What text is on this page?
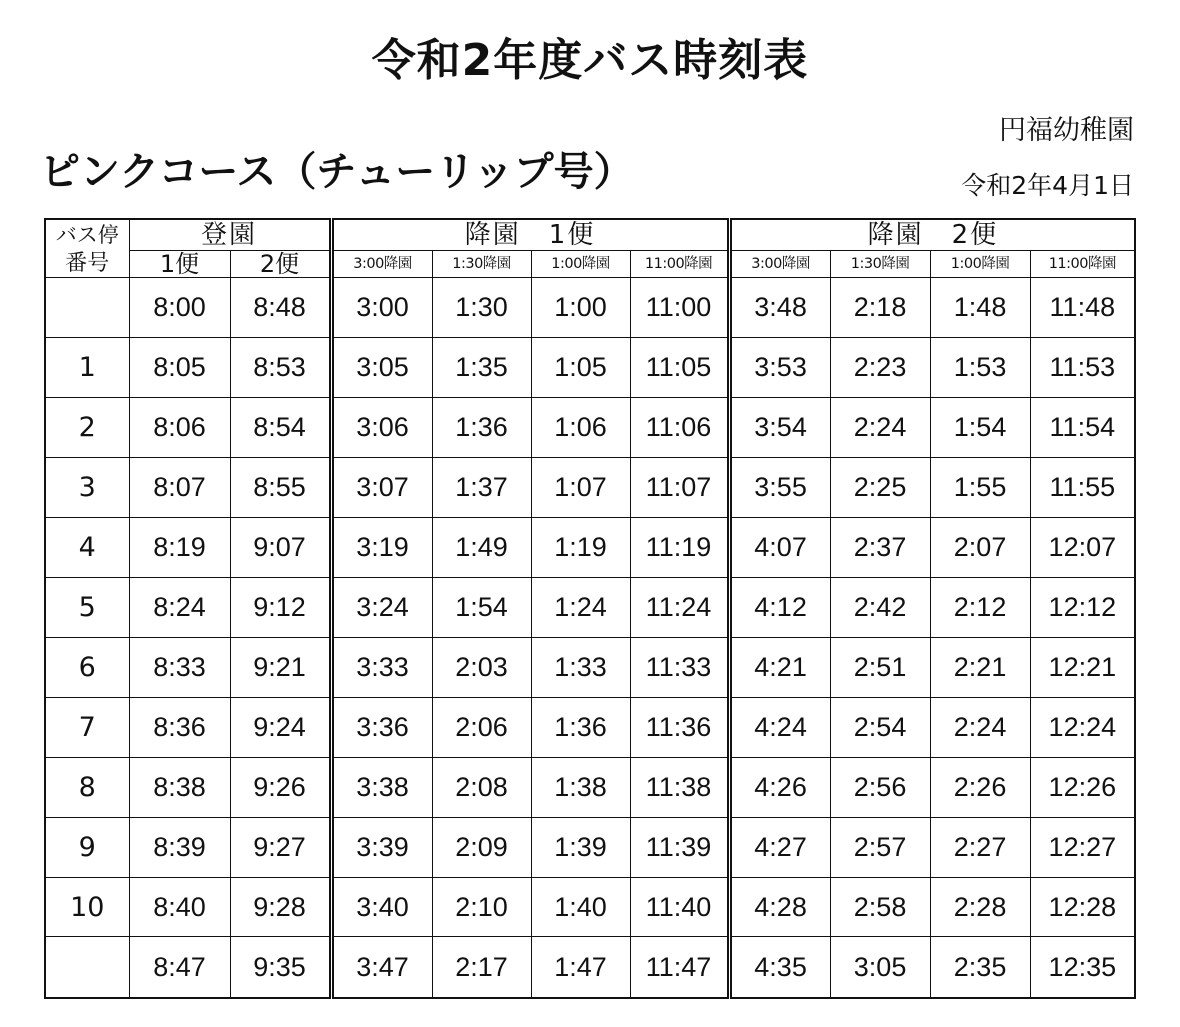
令和2年度バス時刻表
円福幼稚園
ピンクコース（チューリップ号）	令和2年4月1日
バス停	登園		降園　1便				降園　2便			
番号	1便	2便	3:00降園	1:30降園	1:00降園	11:00降園	3:00降園	1:30降園	1:00降園	11:00降園
	8:00	8:48	3:00	1:30	1:00	11:00	3:48	2:18	1:48	11:48
1	8:05	8:53	3:05	1:35	1:05	11:05	3:53	2:23	1:53	11:53
2	8:06	8:54	3:06	1:36	1:06	11:06	3:54	2:24	1:54	11:54
3	8:07	8:55	3:07	1:37	1:07	11:07	3:55	2:25	1:55	11:55
4	8:19	9:07	3:19	1:49	1:19	11:19	4:07	2:37	2:07	12:07
5	8:24	9:12	3:24	1:54	1:24	11:24	4:12	2:42	2:12	12:12
6	8:33	9:21	3:33	2:03	1:33	11:33	4:21	2:51	2:21	12:21
7	8:36	9:24	3:36	2:06	1:36	11:36	4:24	2:54	2:24	12:24
8	8:38	9:26	3:38	2:08	1:38	11:38	4:26	2:56	2:26	12:26
9	8:39	9:27	3:39	2:09	1:39	11:39	4:27	2:57	2:27	12:27
10	8:40	9:28	3:40	2:10	1:40	11:40	4:28	2:58	2:28	12:28
	8:47	9:35	3:47	2:17	1:47	11:47	4:35	3:05	2:35	12:35
